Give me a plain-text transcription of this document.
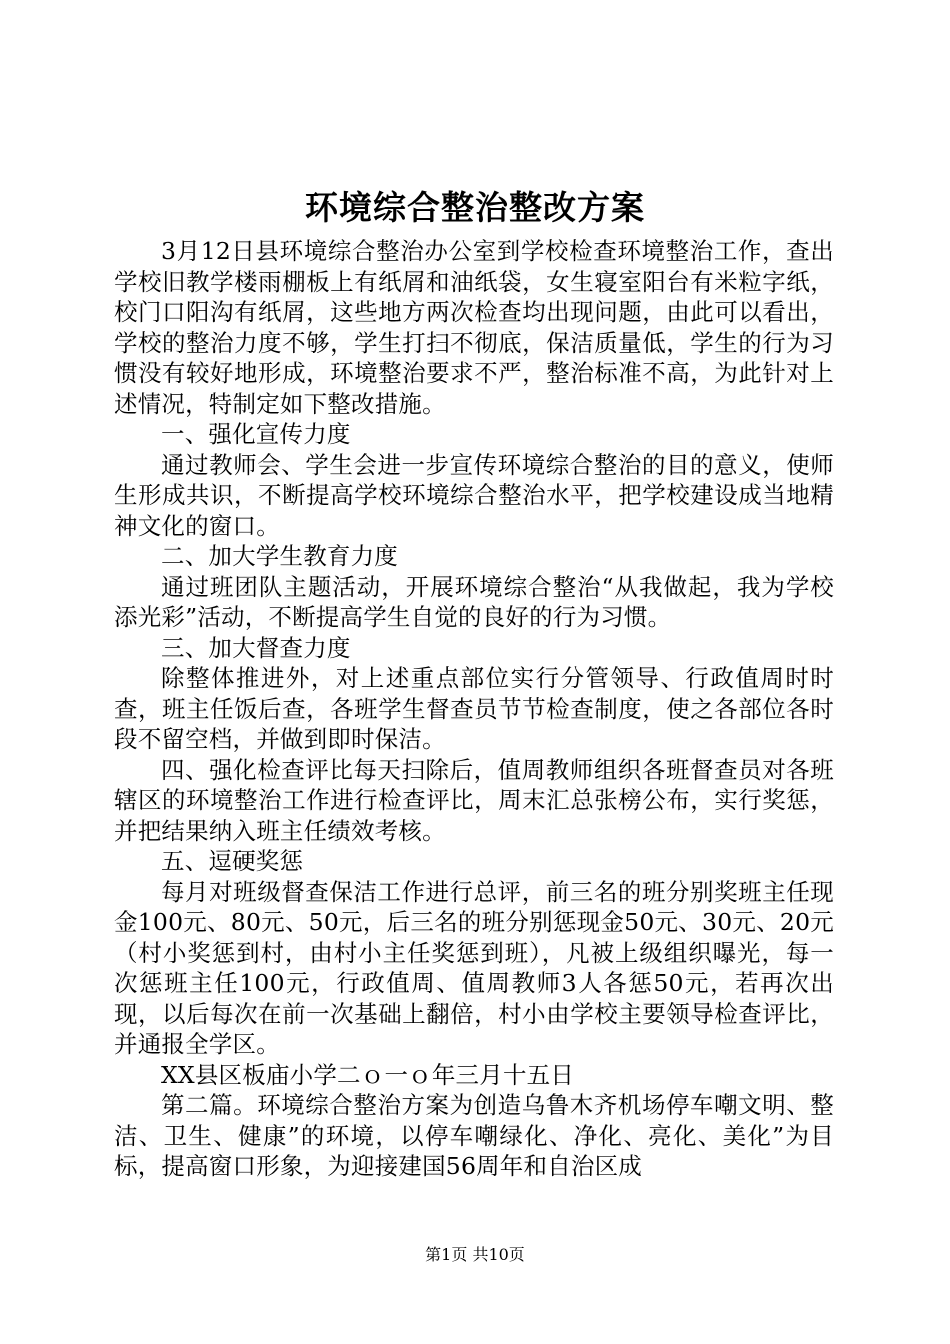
环境综合整治整改方案

3月12日县环境综合整治办公室到学校检查环境整治工作，查出学校旧教学楼雨棚板上有纸屑和油纸袋，女生寝室阳台有米粒字纸，校门口阳沟有纸屑，这些地方两次检查均出现问题，由此可以看出，学校的整治力度不够，学生打扫不彻底，保洁质量低，学生的行为习惯没有较好地形成，环境整治要求不严，整治标准不高，为此针对上述情况，特制定如下整改措施。

一、强化宣传力度

通过教师会、学生会进一步宣传环境综合整治的目的意义，使师生形成共识，不断提高学校环境综合整治水平，把学校建设成当地精神文化的窗口。

二、加大学生教育力度

通过班团队主题活动，开展环境综合整治“从我做起，我为学校添光彩”活动，不断提高学生自觉的良好的行为习惯。

三、加大督查力度

除整体推进外，对上述重点部位实行分管领导、行政值周时时查，班主任饭后查，各班学生督查员节节检查制度，使之各部位各时段不留空档，并做到即时保洁。

四、强化检查评比每天扫除后，值周教师组织各班督查员对各班辖区的环境整治工作进行检查评比，周末汇总张榜公布，实行奖惩，并把结果纳入班主任绩效考核。

五、逗硬奖惩

每月对班级督查保洁工作进行总评，前三名的班分别奖班主任现金100元、80元、50元，后三名的班分别惩现金50元、30元、20元（村小奖惩到村，由村小主任奖惩到班），凡被上级组织曝光，每一次惩班主任100元，行政值周、值周教师3人各惩50元，若再次出现，以后每次在前一次基础上翻倍，村小由学校主要领导检查评比，并通报全学区。

XX县区板庙小学二ｏ一ｏ年三月十五日

第二篇。环境综合整治方案为创造乌鲁木齐机场停车嘲文明、整洁、卫生、健康”的环境，以停车嘲绿化、净化、亮化、美化”为目标，提高窗口形象，为迎接建国56周年和自治区成

第1页 共10页
